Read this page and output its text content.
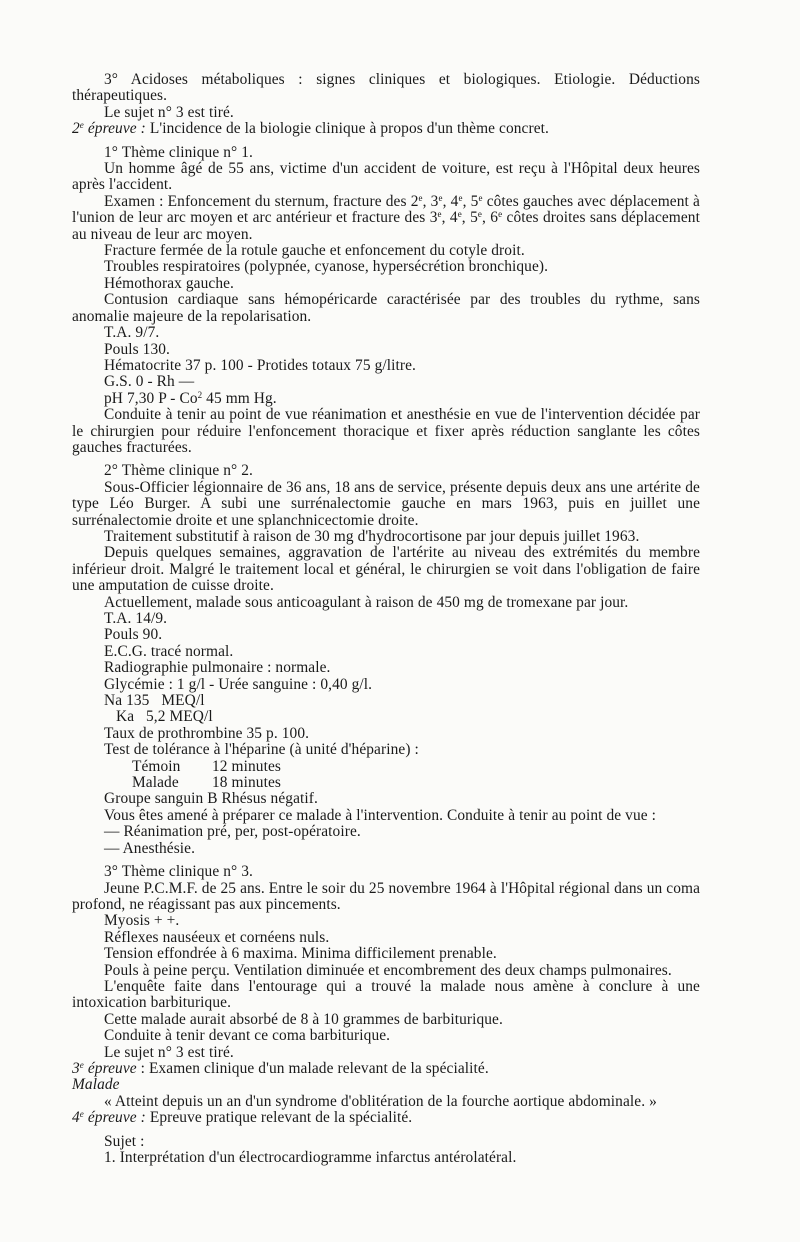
3° Acidoses métaboliques : signes cliniques et biologiques. Etiologie. Déductions thérapeutiques.

Le sujet n° 3 est tiré.

2e épreuve : L'incidence de la biologie clinique à propos d'un thème concret.

1° Thème clinique n° 1.

Un homme âgé de 55 ans, victime d'un accident de voiture, est reçu à l'Hôpital deux heures après l'accident.

Examen : Enfoncement du sternum, fracture des 2e, 3e, 4e, 5e côtes gauches avec déplacement à l'union de leur arc moyen et arc antérieur et fracture des 3e, 4e, 5e, 6e côtes droites sans déplacement au niveau de leur arc moyen.

Fracture fermée de la rotule gauche et enfoncement du cotyle droit.

Troubles respiratoires (polypnée, cyanose, hypersécrétion bronchique).

Hémothorax gauche.

Contusion cardiaque sans hémopéricarde caractérisée par des troubles du rythme, sans anomalie majeure de la repolarisation.

T.A. 9/7.

Pouls 130.

Hématocrite 37 p. 100 - Protides totaux 75 g/litre.

G.S. 0 - Rh —

pH 7,30 P - Co$^2$ 45 mm Hg.

Conduite à tenir au point de vue réanimation et anesthésie en vue de l'intervention décidée par le chirurgien pour réduire l'enfoncement thoracique et fixer après réduction sanglante les côtes gauches fracturées.

2° Thème clinique n° 2.

Sous-Officier légionnaire de 36 ans, 18 ans de service, présente depuis deux ans une artérite de type Léo Burger. A subi une surrénalectomie gauche en mars 1963, puis en juillet une surrénalectomie droite et une splanchnicectomie droite.

Traitement substitutif à raison de 30 mg d'hydrocortisone par jour depuis juillet 1963.

Depuis quelques semaines, aggravation de l'artérite au niveau des extrémités du membre inférieur droit. Malgré le traitement local et général, le chirurgien se voit dans l'obligation de faire une amputation de cuisse droite.

Actuellement, malade sous anticoagulant à raison de 450 mg de tromexane par jour.

T.A. 14/9.

Pouls 90.

E.C.G. tracé normal.

Radiographie pulmonaire : normale.

Glycémie : 1 g/l - Urée sanguine : 0,40 g/l.

Na 135   MEQ/l

Ka   5,2 MEQ/l

Taux de prothrombine 35 p. 100.

Test de tolérance à l'héparine (à unité d'héparine) :

Témoin 12 minutes

Malade 18 minutes

Groupe sanguin B Rhésus négatif.

Vous êtes amené à préparer ce malade à l'intervention. Conduite à tenir au point de vue :

— Réanimation pré, per, post-opératoire.

— Anesthésie.

3° Thème clinique n° 3.

Jeune P.C.M.F. de 25 ans. Entre le soir du 25 novembre 1964 à l'Hôpital régional dans un coma profond, ne réagissant pas aux pincements.

Myosis + +.

Réflexes nauséeux et cornéens nuls.

Tension effondrée à 6 maxima. Minima difficilement prenable.

Pouls à peine perçu. Ventilation diminuée et encombrement des deux champs pulmonaires.

L'enquête faite dans l'entourage qui a trouvé la malade nous amène à conclure à une intoxication barbiturique.

Cette malade aurait absorbé de 8 à 10 grammes de barbiturique.

Conduite à tenir devant ce coma barbiturique.

Le sujet n° 3 est tiré.

3e épreuve : Examen clinique d'un malade relevant de la spécialité.

Malade

« Atteint depuis un an d'un syndrome d'oblitération de la fourche aortique abdominale. »

4e épreuve : Epreuve pratique relevant de la spécialité.

Sujet :

1. Interprétation d'un électrocardiogramme infarctus antérolatéral.
